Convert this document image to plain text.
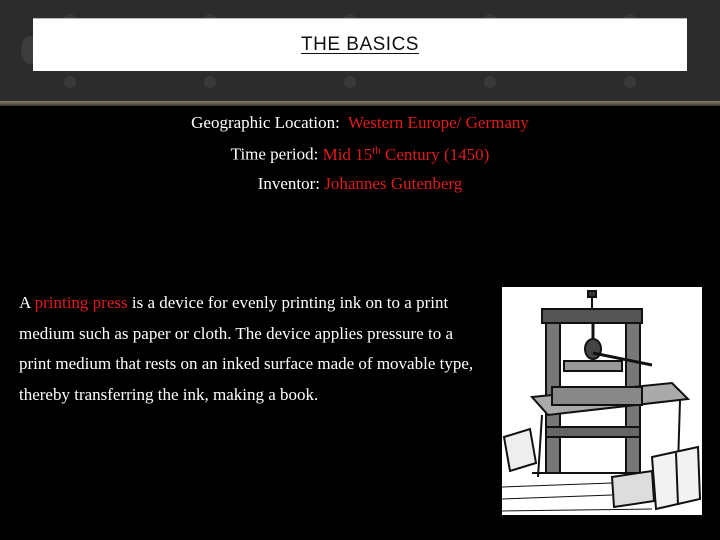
THE BASICS
Geographic Location: Western Europe/ Germany
Time period: Mid 15th Century (1450)
Inventor: Johannes Gutenberg
A printing press is a device for evenly printing ink on to a print medium such as paper or cloth. The device applies pressure to a print medium that rests on an inked surface made of movable type, thereby transferring the ink, making a book.
